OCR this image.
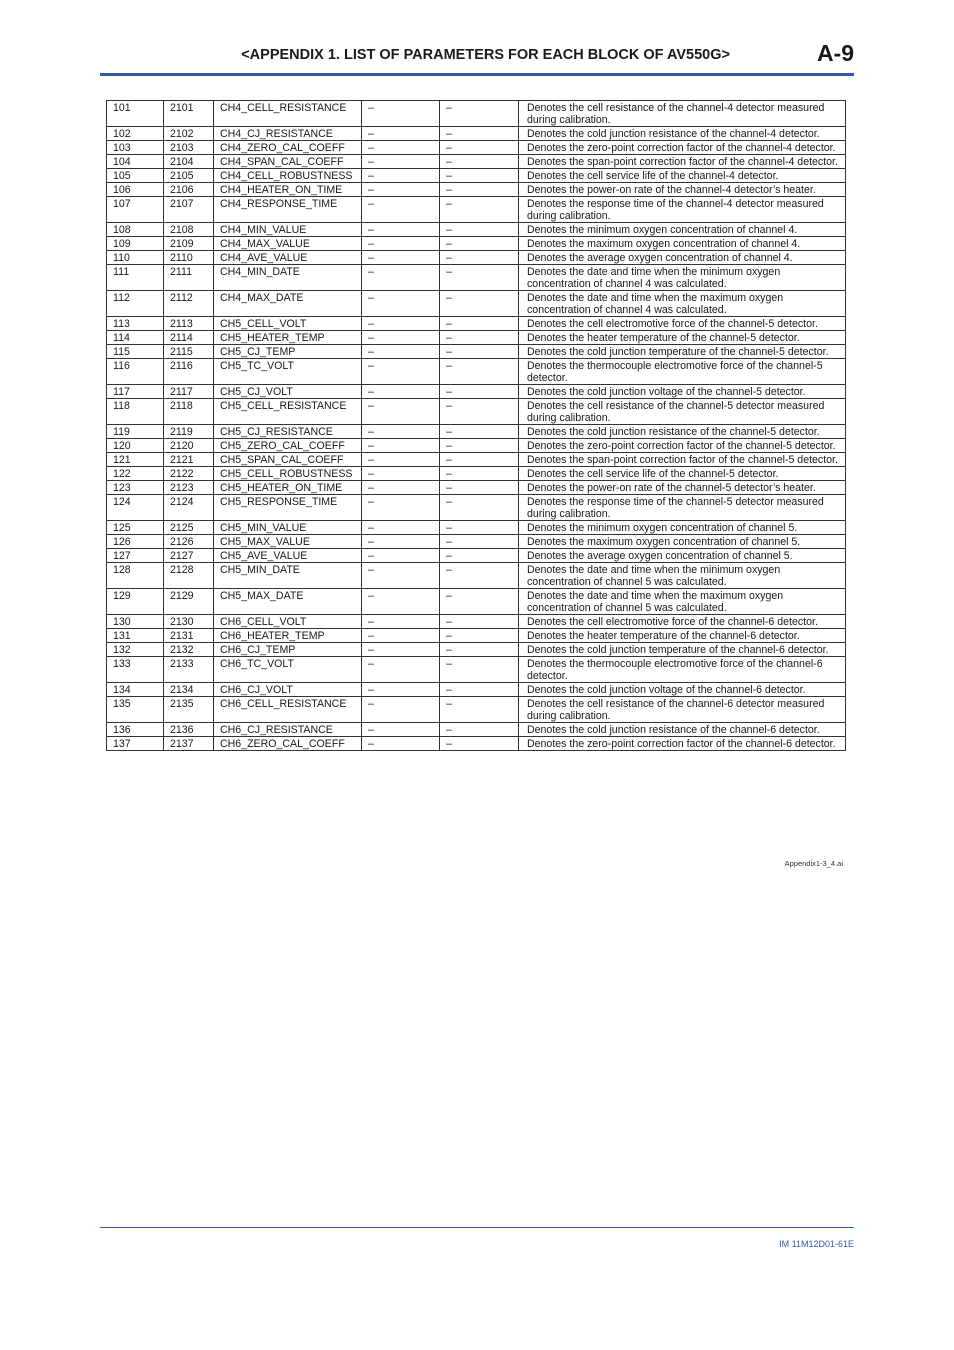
<APPENDIX 1. LIST OF PARAMETERS FOR EACH BLOCK OF AV550G>	A-9
101	2101	CH4_CELL_RESISTANCE	–	–	Denotes the cell resistance of the channel-4 detector measured during calibration.
102	2102	CH4_CJ_RESISTANCE	–	–	Denotes the cold junction resistance of the channel-4 detector.
103	2103	CH4_ZERO_CAL_COEFF	–	–	Denotes the zero-point correction factor of the channel-4 detector.
104	2104	CH4_SPAN_CAL_COEFF	–	–	Denotes the span-point correction factor of the channel-4 detector.
105	2105	CH4_CELL_ROBUSTNESS	–	–	Denotes the cell service life of the channel-4 detector.
106	2106	CH4_HEATER_ON_TIME	–	–	Denotes the power-on rate of the channel-4 detector’s heater.
107	2107	CH4_RESPONSE_TIME	–	–	Denotes the response time of the channel-4 detector measured during calibration.
108	2108	CH4_MIN_VALUE	–	–	Denotes the minimum oxygen concentration of channel 4.
109	2109	CH4_MAX_VALUE	–	–	Denotes the maximum oxygen concentration of channel 4.
110	2110	CH4_AVE_VALUE	–	–	Denotes the average oxygen concentration of channel 4.
111	2111	CH4_MIN_DATE	–	–	Denotes the date and time when the minimum oxygen concentration of channel 4 was calculated.
112	2112	CH4_MAX_DATE	–	–	Denotes the date and time when the maximum oxygen concentration of channel 4 was calculated.
113	2113	CH5_CELL_VOLT	–	–	Denotes the cell electromotive force of the channel-5 detector.
114	2114	CH5_HEATER_TEMP	–	–	Denotes the heater temperature of the channel-5 detector.
115	2115	CH5_CJ_TEMP	–	–	Denotes the cold junction temperature of the channel-5 detector.
116	2116	CH5_TC_VOLT	–	–	Denotes the thermocouple electromotive force of the channel-5 detector.
117	2117	CH5_CJ_VOLT	–	–	Denotes the cold junction voltage of the channel-5 detector.
118	2118	CH5_CELL_RESISTANCE	–	–	Denotes the cell resistance of the channel-5 detector measured during calibration.
119	2119	CH5_CJ_RESISTANCE	–	–	Denotes the cold junction resistance of the channel-5 detector.
120	2120	CH5_ZERO_CAL_COEFF	–	–	Denotes the zero-point correction factor of the channel-5 detector.
121	2121	CH5_SPAN_CAL_COEFF	–	–	Denotes the span-point correction factor of the channel-5 detector.
122	2122	CH5_CELL_ROBUSTNESS	–	–	Denotes the cell service life of the channel-5 detector.
123	2123	CH5_HEATER_ON_TIME	–	–	Denotes the power-on rate of the channel-5 detector’s heater.
124	2124	CH5_RESPONSE_TIME	–	–	Denotes the response time of the channel-5 detector measured during calibration.
125	2125	CH5_MIN_VALUE	–	–	Denotes the minimum oxygen concentration of channel 5.
126	2126	CH5_MAX_VALUE	–	–	Denotes the maximum oxygen concentration of channel 5.
127	2127	CH5_AVE_VALUE	–	–	Denotes the average oxygen concentration of channel 5.
128	2128	CH5_MIN_DATE	–	–	Denotes the date and time when the minimum oxygen concentration of channel 5 was calculated.
129	2129	CH5_MAX_DATE	–	–	Denotes the date and time when the maximum oxygen concentration of channel 5 was calculated.
130	2130	CH6_CELL_VOLT	–	–	Denotes the cell electromotive force of the channel-6 detector.
131	2131	CH6_HEATER_TEMP	–	–	Denotes the heater temperature of the channel-6 detector.
132	2132	CH6_CJ_TEMP	–	–	Denotes the cold junction temperature of the channel-6 detector.
133	2133	CH6_TC_VOLT	–	–	Denotes the thermocouple electromotive force of the channel-6 detector.
134	2134	CH6_CJ_VOLT	–	–	Denotes the cold junction voltage of the channel-6 detector.
135	2135	CH6_CELL_RESISTANCE	–	–	Denotes the cell resistance of the channel-6 detector measured during calibration.
136	2136	CH6_CJ_RESISTANCE	–	–	Denotes the cold junction resistance of the channel-6 detector.
137	2137	CH6_ZERO_CAL_COEFF	–	–	Denotes the zero-point correction factor of the channel-6 detector.
Appendix1-3_4.ai
IM 11M12D01-61E
